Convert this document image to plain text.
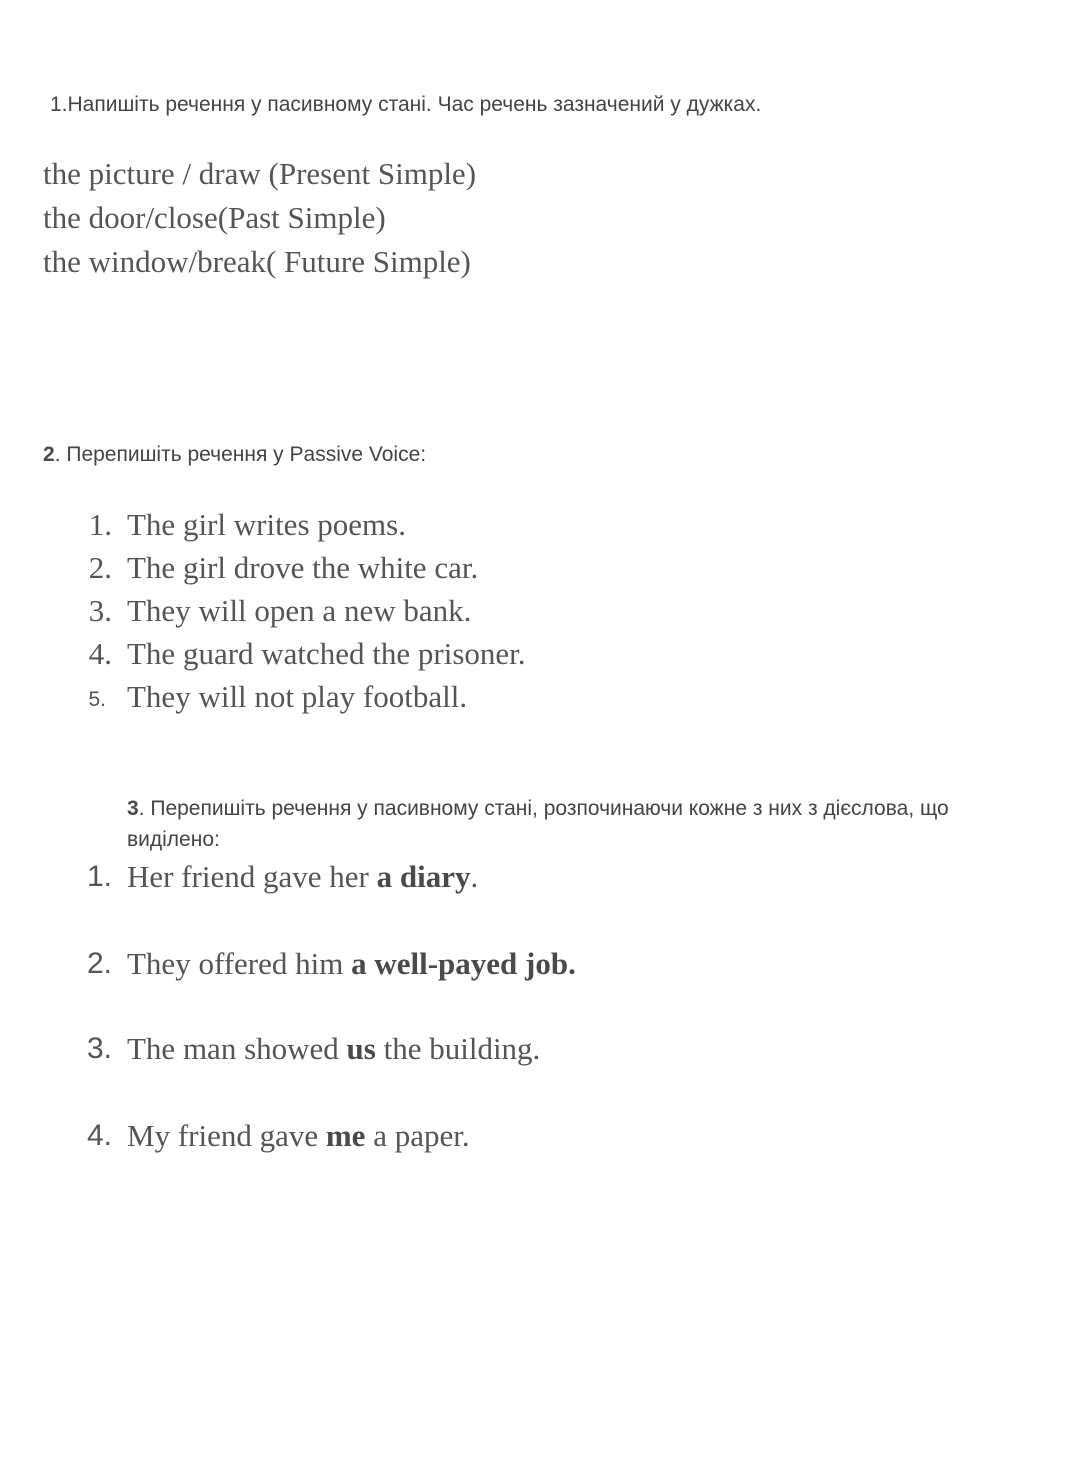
1.Напишіть речення у пасивному стані. Час речень зазначений у дужках.

the picture / draw (Present Simple)

the door/close(Past Simple)

the window/break( Future Simple)

2. Перепишіть речення у Passive Voice:

1. The girl writes poems.
2. The girl drove the white car.
3. They will open a new bank.
4. The guard watched the prisoner.
5. They will not play football.

3. Перепишіть речення у пасивному стані, розпочинаючи кожне з них з дієслова, що

виділено:

1. Her friend gave her a diary.
2. They offered him a well-payed job.
3. The man showed us the building.
4. My friend gave me a paper.
